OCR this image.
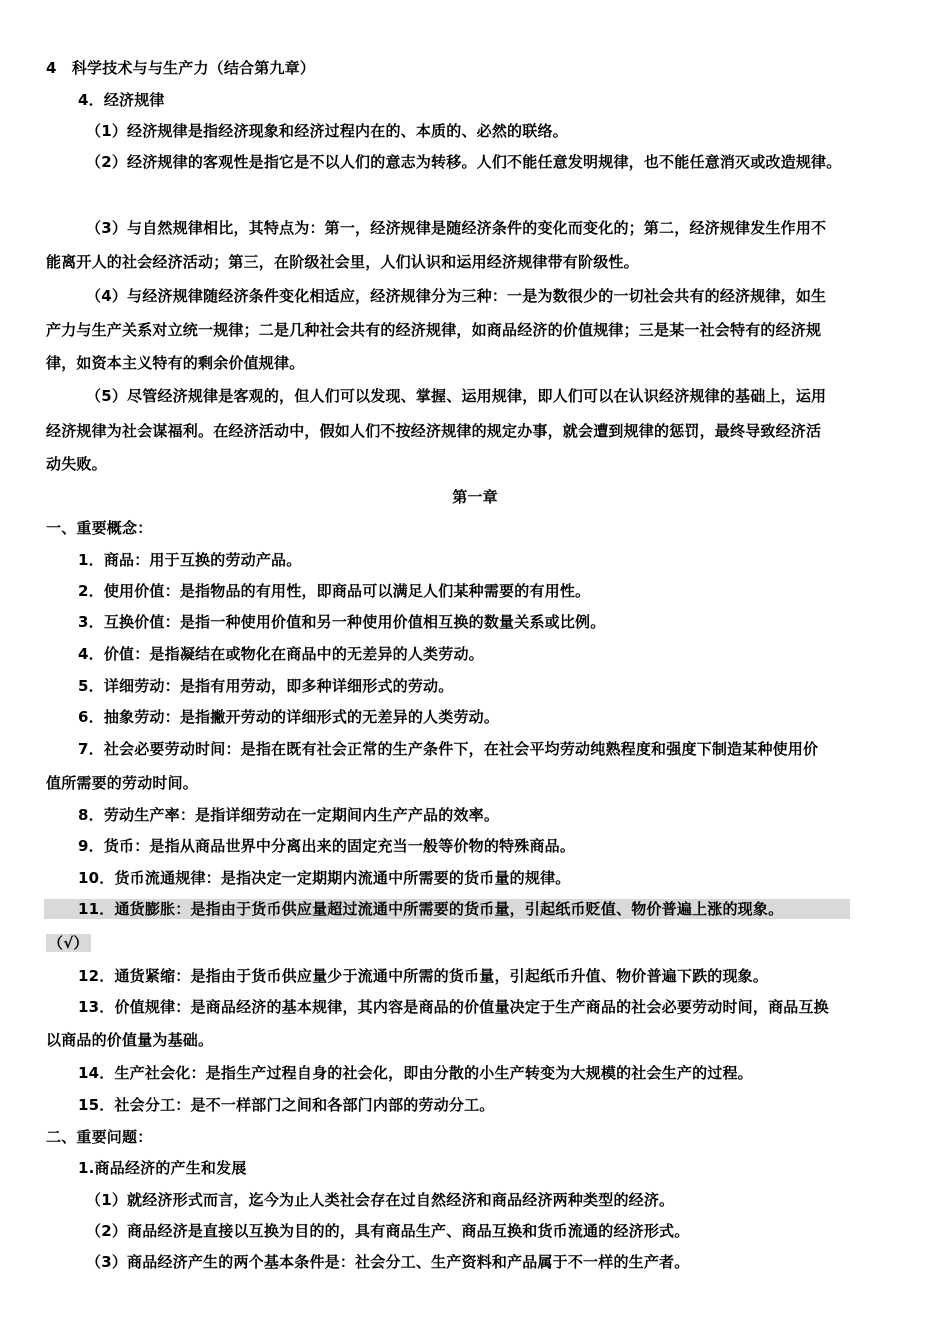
4　科学技术与与生产力（结合第九章）
4．经济规律
（1）经济规律是指经济现象和经济过程内在的、本质的、必然的联络。
（2）经济规律的客观性是指它是不以人们的意志为转移。人们不能任意发明规律，也不能任意消灭或改造规律。
（3）与自然规律相比，其特点为：第一，经济规律是随经济条件的变化而变化的；第二，经济规律发生作用不
能离开人的社会经济活动；第三，在阶级社会里，人们认识和运用经济规律带有阶级性。
（4）与经济规律随经济条件变化相适应，经济规律分为三种：一是为数很少的一切社会共有的经济规律，如生
产力与生产关系对立统一规律；二是几种社会共有的经济规律，如商品经济的价值规律；三是某一社会特有的经济规
律，如资本主义特有的剩余价值规律。
（5）尽管经济规律是客观的，但人们可以发现、掌握、运用规律，即人们可以在认识经济规律的基础上，运用
经济规律为社会谋福利。在经济活动中，假如人们不按经济规律的规定办事，就会遭到规律的惩罚，最终导致经济活
动失败。
第一章
一、重要概念：
1．商品：用于互换的劳动产品。
2．使用价值：是指物品的有用性，即商品可以满足人们某种需要的有用性。
3．互换价值：是指一种使用价值和另一种使用价值相互换的数量关系或比例。
4．价值：是指凝结在或物化在商品中的无差异的人类劳动。
5．详细劳动：是指有用劳动，即多种详细形式的劳动。
6．抽象劳动：是指撇开劳动的详细形式的无差异的人类劳动。
7．社会必要劳动时间：是指在既有社会正常的生产条件下，在社会平均劳动纯熟程度和强度下制造某种使用价
值所需要的劳动时间。
8．劳动生产率：是指详细劳动在一定期间内生产产品的效率。
9．货币：是指从商品世界中分离出来的固定充当一般等价物的特殊商品。
10．货币流通规律：是指决定一定期期内流通中所需要的货币量的规律。
11．通货膨胀：是指由于货币供应量超过流通中所需要的货币量，引起纸币贬值、物价普遍上涨的现象。
（√）
12．通货紧缩：是指由于货币供应量少于流通中所需的货币量，引起纸币升值、物价普遍下跌的现象。
13．价值规律：是商品经济的基本规律，其内容是商品的价值量决定于生产商品的社会必要劳动时间，商品互换
以商品的价值量为基础。
14．生产社会化：是指生产过程自身的社会化，即由分散的小生产转变为大规模的社会生产的过程。
15．社会分工：是不一样部门之间和各部门内部的劳动分工。
二、重要问题：
1.商品经济的产生和发展
（1）就经济形式而言，迄今为止人类社会存在过自然经济和商品经济两种类型的经济。
（2）商品经济是直接以互换为目的的，具有商品生产、商品互换和货币流通的经济形式。
（3）商品经济产生的两个基本条件是：社会分工、生产资料和产品属于不一样的生产者。
